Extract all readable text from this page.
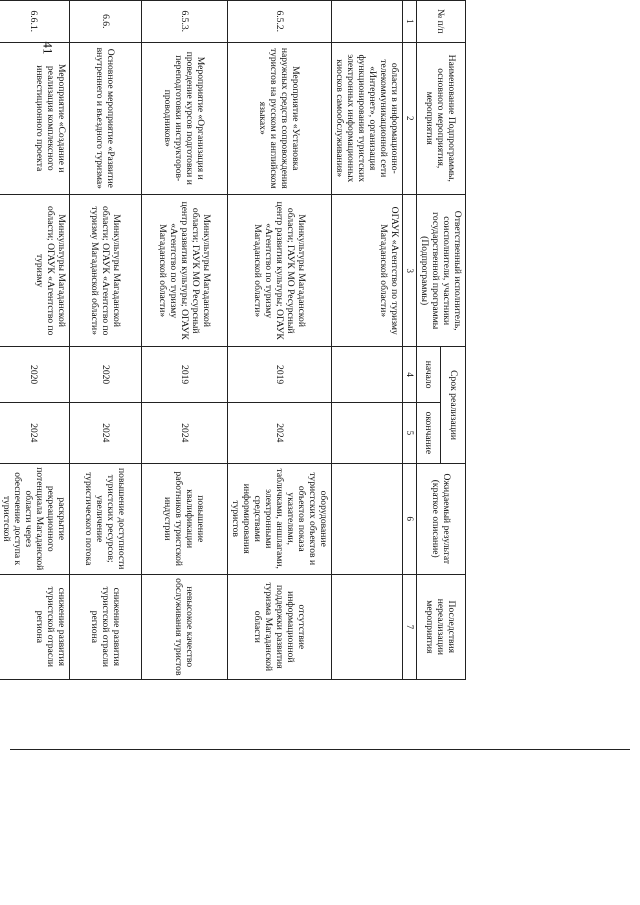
41
№ п/п	Наименование Подпрограммы, основного мероприятия, мероприятия	Ответственный исполнитель, соисполнители, участники государственной программы (Подпрограммы)	Срок реализации		Ожидаемый результат (краткое описание)	Последствия нереализации мероприятия
			начало	окончание		
1	2	3	4	5	6	7
	области в информационно-телекоммуникационной сети «Интернет», организация функционирования туристских электронных информационных киосков самообслуживания»	ОГАУК «Агентство по туризму Магаданской области»				
6.5.2.	Мероприятие «Установка наружных средств сопровождения туристов на русском и английском языках»	Минкультуры Магаданской области; ГАУК МО Ресурсный центр развития культуры; ОГАУК «Агентство по туризму Магаданской области»	2019	2024	оборудование туристских объектов и объектов показа указателями, табличками, аншлагами, электронными средствами информирования туристов	отсутствие информационной поддержки развития туризма Магаданской области
6.5.3.	Мероприятие «Организация и проведение курсов подготовки и переподготовки инструкторов-проводников»	Минкультуры Магаданской области; ГАУК МО Ресурсный центр развития культуры; ОГАУК «Агентство по туризму Магаданской области»	2019	2024	повышение квалификации работников туристской индустрии	невысокое качество обслуживания туристов
6.6.	Основное мероприятие «Развитие внутреннего и въездного туризма»	Минкультуры Магаданской области; ОГАУК «Агентство по туризму Магаданской области»	2020	2024	повышение доступности туристских ресурсов; увеличение туристического потока	снижение развития туристской отрасли региона
6.6.1.	Мероприятие «Создание и реализация комплексного инвестиционного проекта	Минкультуры Магаданской области; ОГАУК «Агентство по туризму	2020	2024	раскрытие рекреационного потенциала Магаданской области через обеспечение доступа к туристской	снижение развития туристской отрасли региона
